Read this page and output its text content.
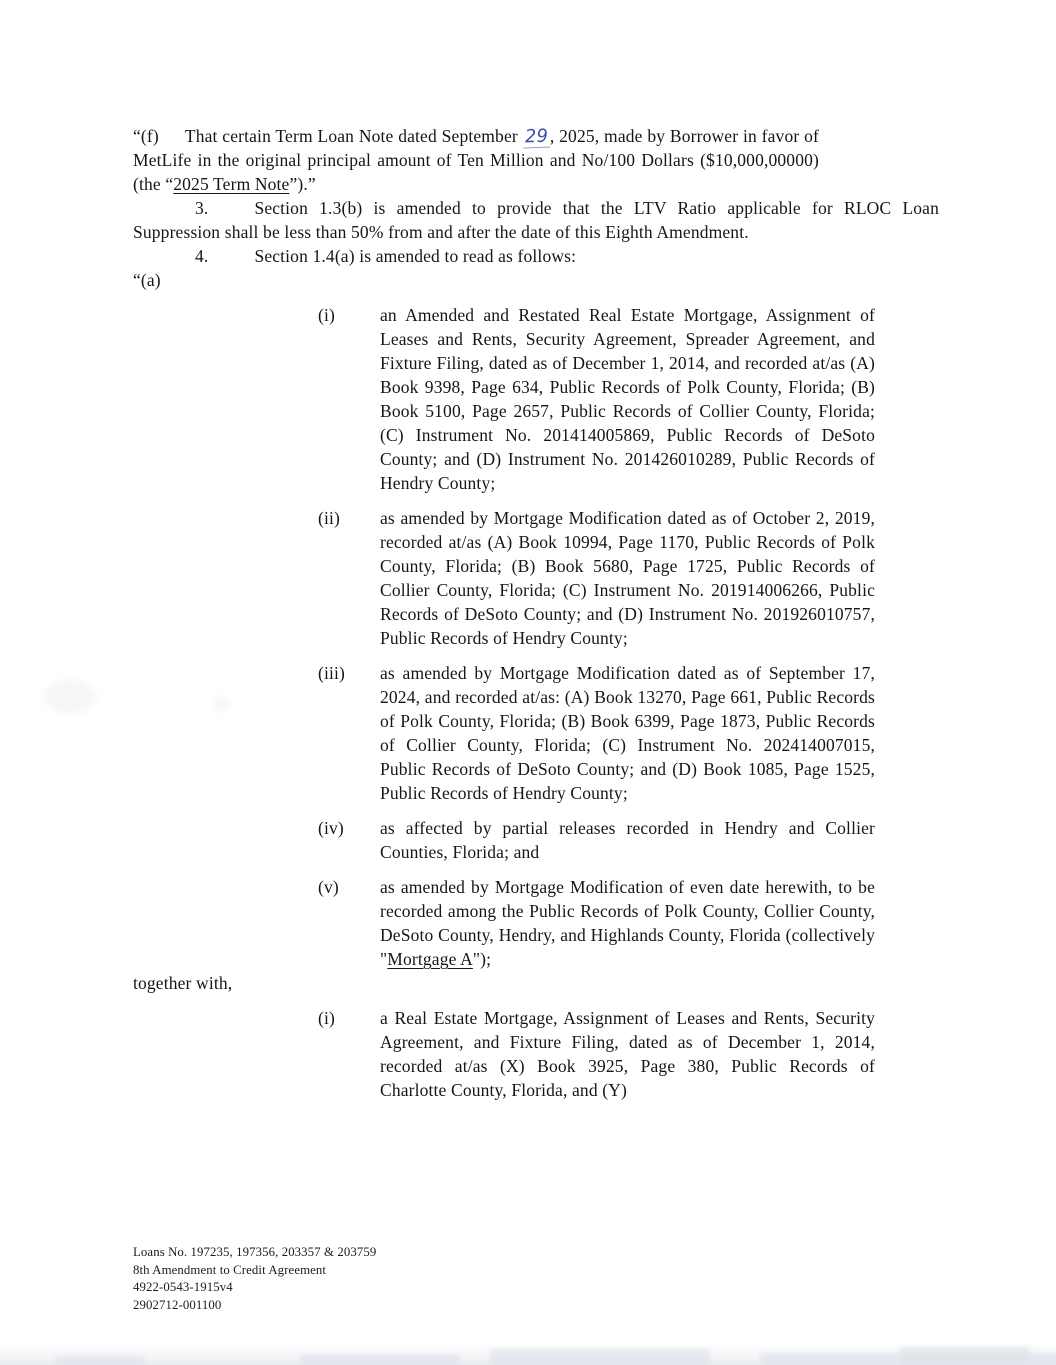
“(f) That certain Term Loan Note dated September 29, 2025, made by Borrower in favor of MetLife in the original principal amount of Ten Million and No/100 Dollars ($10,000,00000) (the “2025 Term Note”).”

3.	Section 1.3(b) is amended to provide that the LTV Ratio applicable for RLOC Loan Suppression shall be less than 50% from and after the date of this Eighth Amendment.

4.	Section 1.4(a) is amended to read as follows:

“(a)

(i)	an Amended and Restated Real Estate Mortgage, Assignment of Leases and Rents, Security Agreement, Spreader Agreement, and Fixture Filing, dated as of December 1, 2014, and recorded at/as (A) Book 9398, Page 634, Public Records of Polk County, Florida; (B) Book 5100, Page 2657, Public Records of Collier County, Florida; (C) Instrument No. 201414005869, Public Records of DeSoto County; and (D) Instrument No. 201426010289, Public Records of Hendry County;
(ii)	as amended by Mortgage Modification dated as of October 2, 2019, recorded at/as (A) Book 10994, Page 1170, Public Records of Polk County, Florida; (B) Book 5680, Page 1725, Public Records of Collier County, Florida; (C) Instrument No. 201914006266, Public Records of DeSoto County; and (D) Instrument No. 201926010757, Public Records of Hendry County;
(iii)	as amended by Mortgage Modification dated as of September 17, 2024, and recorded at/as: (A) Book 13270, Page 661, Public Records of Polk County, Florida; (B) Book 6399, Page 1873, Public Records of Collier County, Florida; (C) Instrument No. 202414007015, Public Records of DeSoto County; and (D) Book 1085, Page 1525, Public Records of Hendry County;
(iv)	as affected by partial releases recorded in Hendry and Collier Counties, Florida; and
(v)	as amended by Mortgage Modification of even date herewith, to be recorded among the Public Records of Polk County, Collier County, DeSoto County, Hendry, and Highlands County, Florida (collectively "Mortgage A");

together with,

(i)	a Real Estate Mortgage, Assignment of Leases and Rents, Security Agreement, and Fixture Filing, dated as of December 1, 2014, recorded at/as (X) Book 3925, Page 380, Public Records of Charlotte County, Florida, and (Y)
Loans No. 197235, 197356, 203357 & 203759
8th Amendment to Credit Agreement
4922-0543-1915v4
2902712-001100
